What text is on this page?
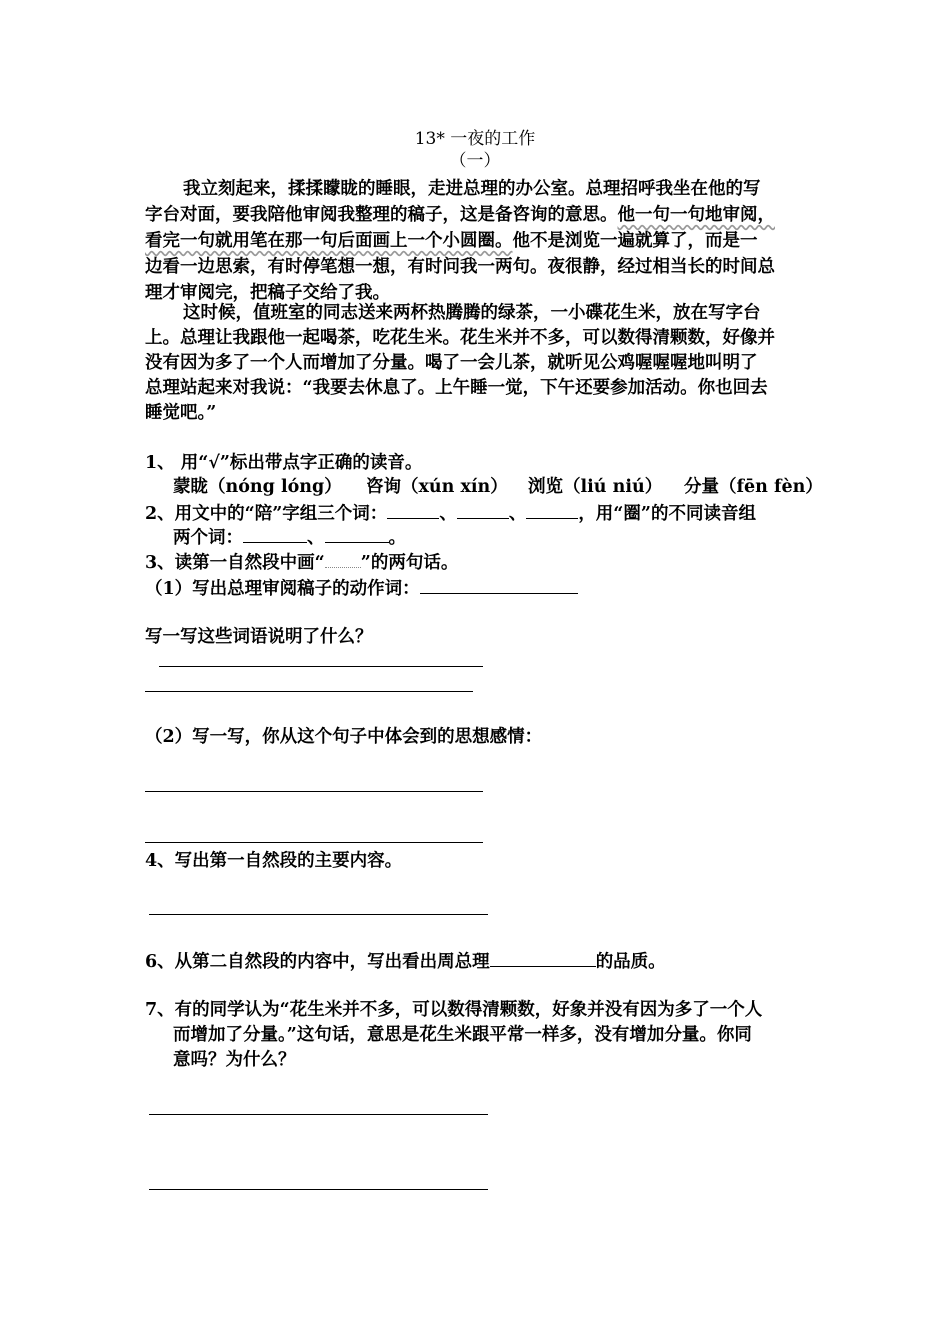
13* 一夜的工作
（一）
我立刻起来，揉揉矇眬的睡眼，走进总理的办公室。总理招呼我坐在他的写
字台对面，要我陪他审阅我整理的稿子，这是备咨询的意思。他一句一句地审阅，
看完一句就用笔在那一句后面画上一个小圆圈。他不是浏览一遍就算了，而是一
边看一边思索，有时停笔想一想，有时问我一两句。夜很静，经过相当长的时间总
理才审阅完，把稿子交给了我。
这时候，值班室的同志送来两杯热腾腾的绿茶，一小碟花生米，放在写字台
上。总理让我跟他一起喝茶，吃花生米。花生米并不多，可以数得清颗数，好像并
没有因为多了一个人而增加了分量。喝了一会儿茶，就听见公鸡喔喔喔地叫明了
总理站起来对我说：“我要去休息了。上午睡一觉，下午还要参加活动。你也回去
睡觉吧。”
1、 用“√”标出带点字正确的读音。
蒙眬（nóng lóng） 咨询（xún xín） 浏览（liú niú） 分量（fēn fèn）
2、用文中的“陪”字组三个词：	、	、	，用“圈”的不同读音组
两个词：	、	。
3、读第一自然段中画“ ”的两句话。
（1）写出总理审阅稿子的动作词：
写一写这些词语说明了什么？
（2）写一写，你从这个句子中体会到的思想感情：
4、写出第一自然段的主要内容。
6、从第二自然段的内容中，写出看出周总理	的品质。
7、有的同学认为“花生米并不多，可以数得清颗数，好象并没有因为多了一个人
而增加了分量。”这句话，意思是花生米跟平常一样多，没有增加分量。你同
意吗？为什么？
